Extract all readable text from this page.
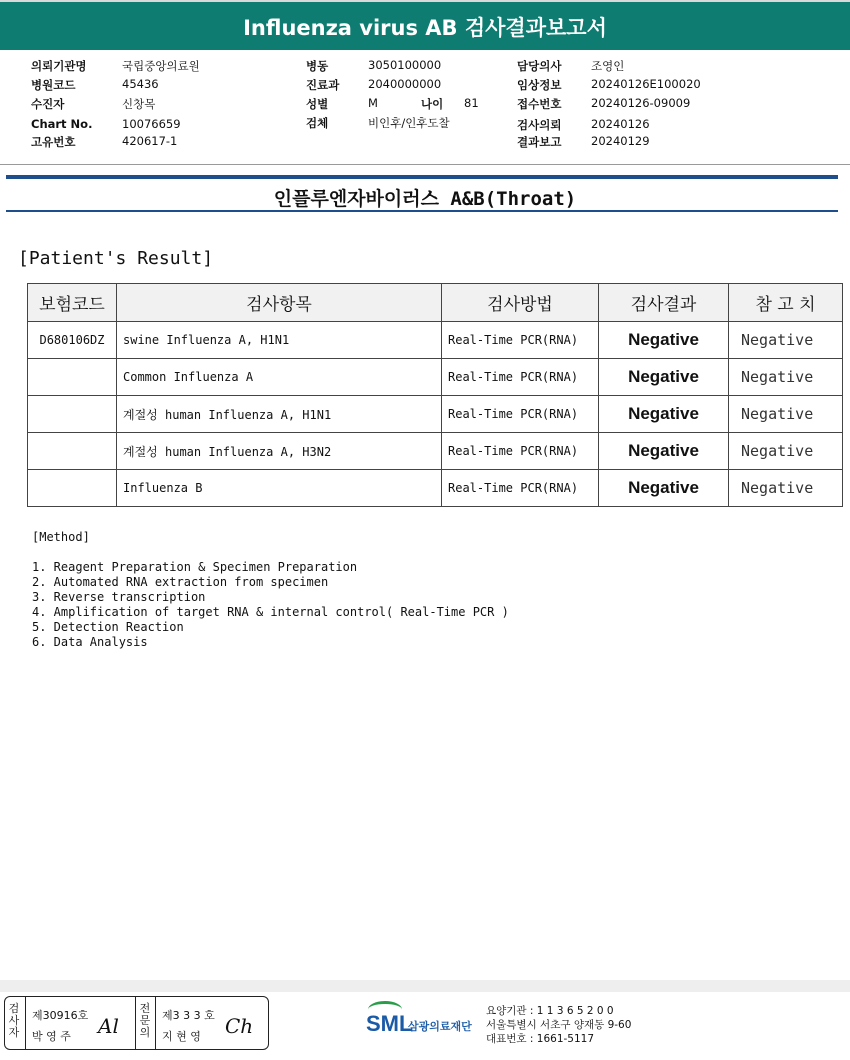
Influenza virus AB 검사결과보고서
의뢰기관명	국립중앙의료원
병원코드	45436
수진자	신창목
Chart No.	10076659
고유번호	420617-1
병동	3050100000
진료과 2040000000
성별	M	나이 81
검체	비인후/인후도찰
담당의사	조영인
임상정보	20240126E100020
접수번호	20240126-09009
검사의뢰	20240126
결과보고	20240129
인플루엔자바이러스 A&B(Throat)
[Patient's Result]
보험코드	검사항목	검사방법	검사결과	참 고 치
D680106DZ	swine Influenza A, H1N1	Real-Time PCR(RNA)	Negative	Negative
	Common Influenza A	Real-Time PCR(RNA)	Negative	Negative
	계절성 human Influenza A, H1N1	Real-Time PCR(RNA)	Negative	Negative
	계절성 human Influenza A, H3N2	Real-Time PCR(RNA)	Negative	Negative
	Influenza B	Real-Time PCR(RNA)	Negative	Negative
[Method]
1. Reagent Preparation & Specimen Preparation
2. Automated RNA extraction from specimen
3. Reverse transcription
4. Amplification of target RNA & internal control( Real-Time PCR )
5. Detection Reaction
6. Data Analysis
검사자
제30916호
박 영 주 Al
전문의
제3 3 3 호
지 현 영 Ch	SML
삼광의료재단
요양기관 : 1 1 3 6 5 2 0 0
서울특별시 서초구 양재동 9-60
대표번호 : 1661-5117
